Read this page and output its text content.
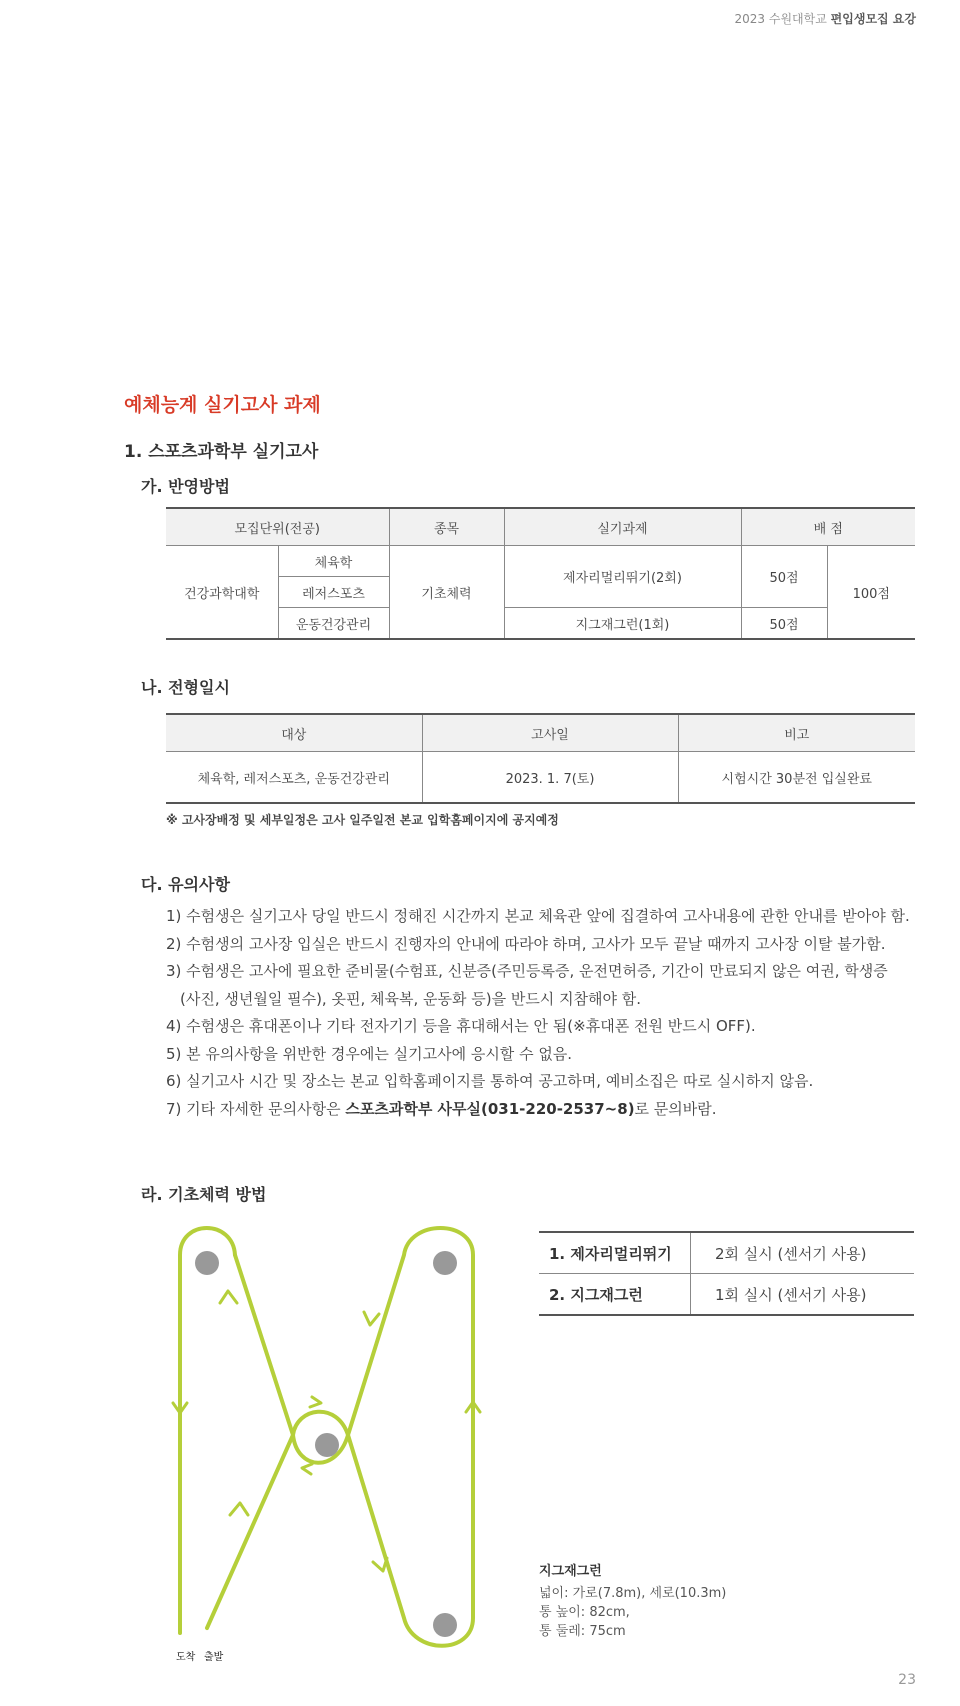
2023 수원대학교 편입생모집 요강
예체능계 실기고사 과제
1. 스포츠과학부 실기고사
가. 반영방법
모집단위(전공)		종목	실기과제	배 점	
건강과학대학	체육학	기초체력	제자리멀리뛰기(2회)	50점	100점
	레저스포츠				
	운동건강관리		지그재그런(1회)	50점	
나. 전형일시
대상	고사일	비고
체육학, 레저스포츠, 운동건강관리	2023. 1. 7(토)	시험시간 30분전 입실완료
※ 고사장배정 및 세부일정은 고사 일주일전 본교 입학홈페이지에 공지예정
다. 유의사항
1) 수험생은 실기고사 당일 반드시 정해진 시간까지 본교 체육관 앞에 집결하여 고사내용에 관한 안내를 받아야 함.
2) 수험생의 고사장 입실은 반드시 진행자의 안내에 따라야 하며, 고사가 모두 끝날 때까지 고사장 이탈 불가함.
3) 수험생은 고사에 필요한 준비물(수험표, 신분증(주민등록증, 운전면허증, 기간이 만료되지 않은 여권, 학생증
(사진, 생년월일 필수), 옷핀, 체육복, 운동화 등)을 반드시 지참해야 함.
4) 수험생은 휴대폰이나 기타 전자기기 등을 휴대해서는 안 됨(※휴대폰 전원 반드시 OFF).
5) 본 유의사항을 위반한 경우에는 실기고사에 응시할 수 없음.
6) 실기고사 시간 및 장소는 본교 입학홈페이지를 통하여 공고하며, 예비소집은 따로 실시하지 않음.
7) 기타 자세한 문의사항은 스포츠과학부 사무실(031-220-2537~8)로 문의바람.
라. 기초체력 방법
도착 출발
1. 제자리멀리뛰기	2회 실시 (센서기 사용)
2. 지그재그런	1회 실시 (센서기 사용)
지그재그런
넓이: 가로(7.8m), 세로(10.3m)
통 높이: 82cm,
통 둘레: 75cm
23
